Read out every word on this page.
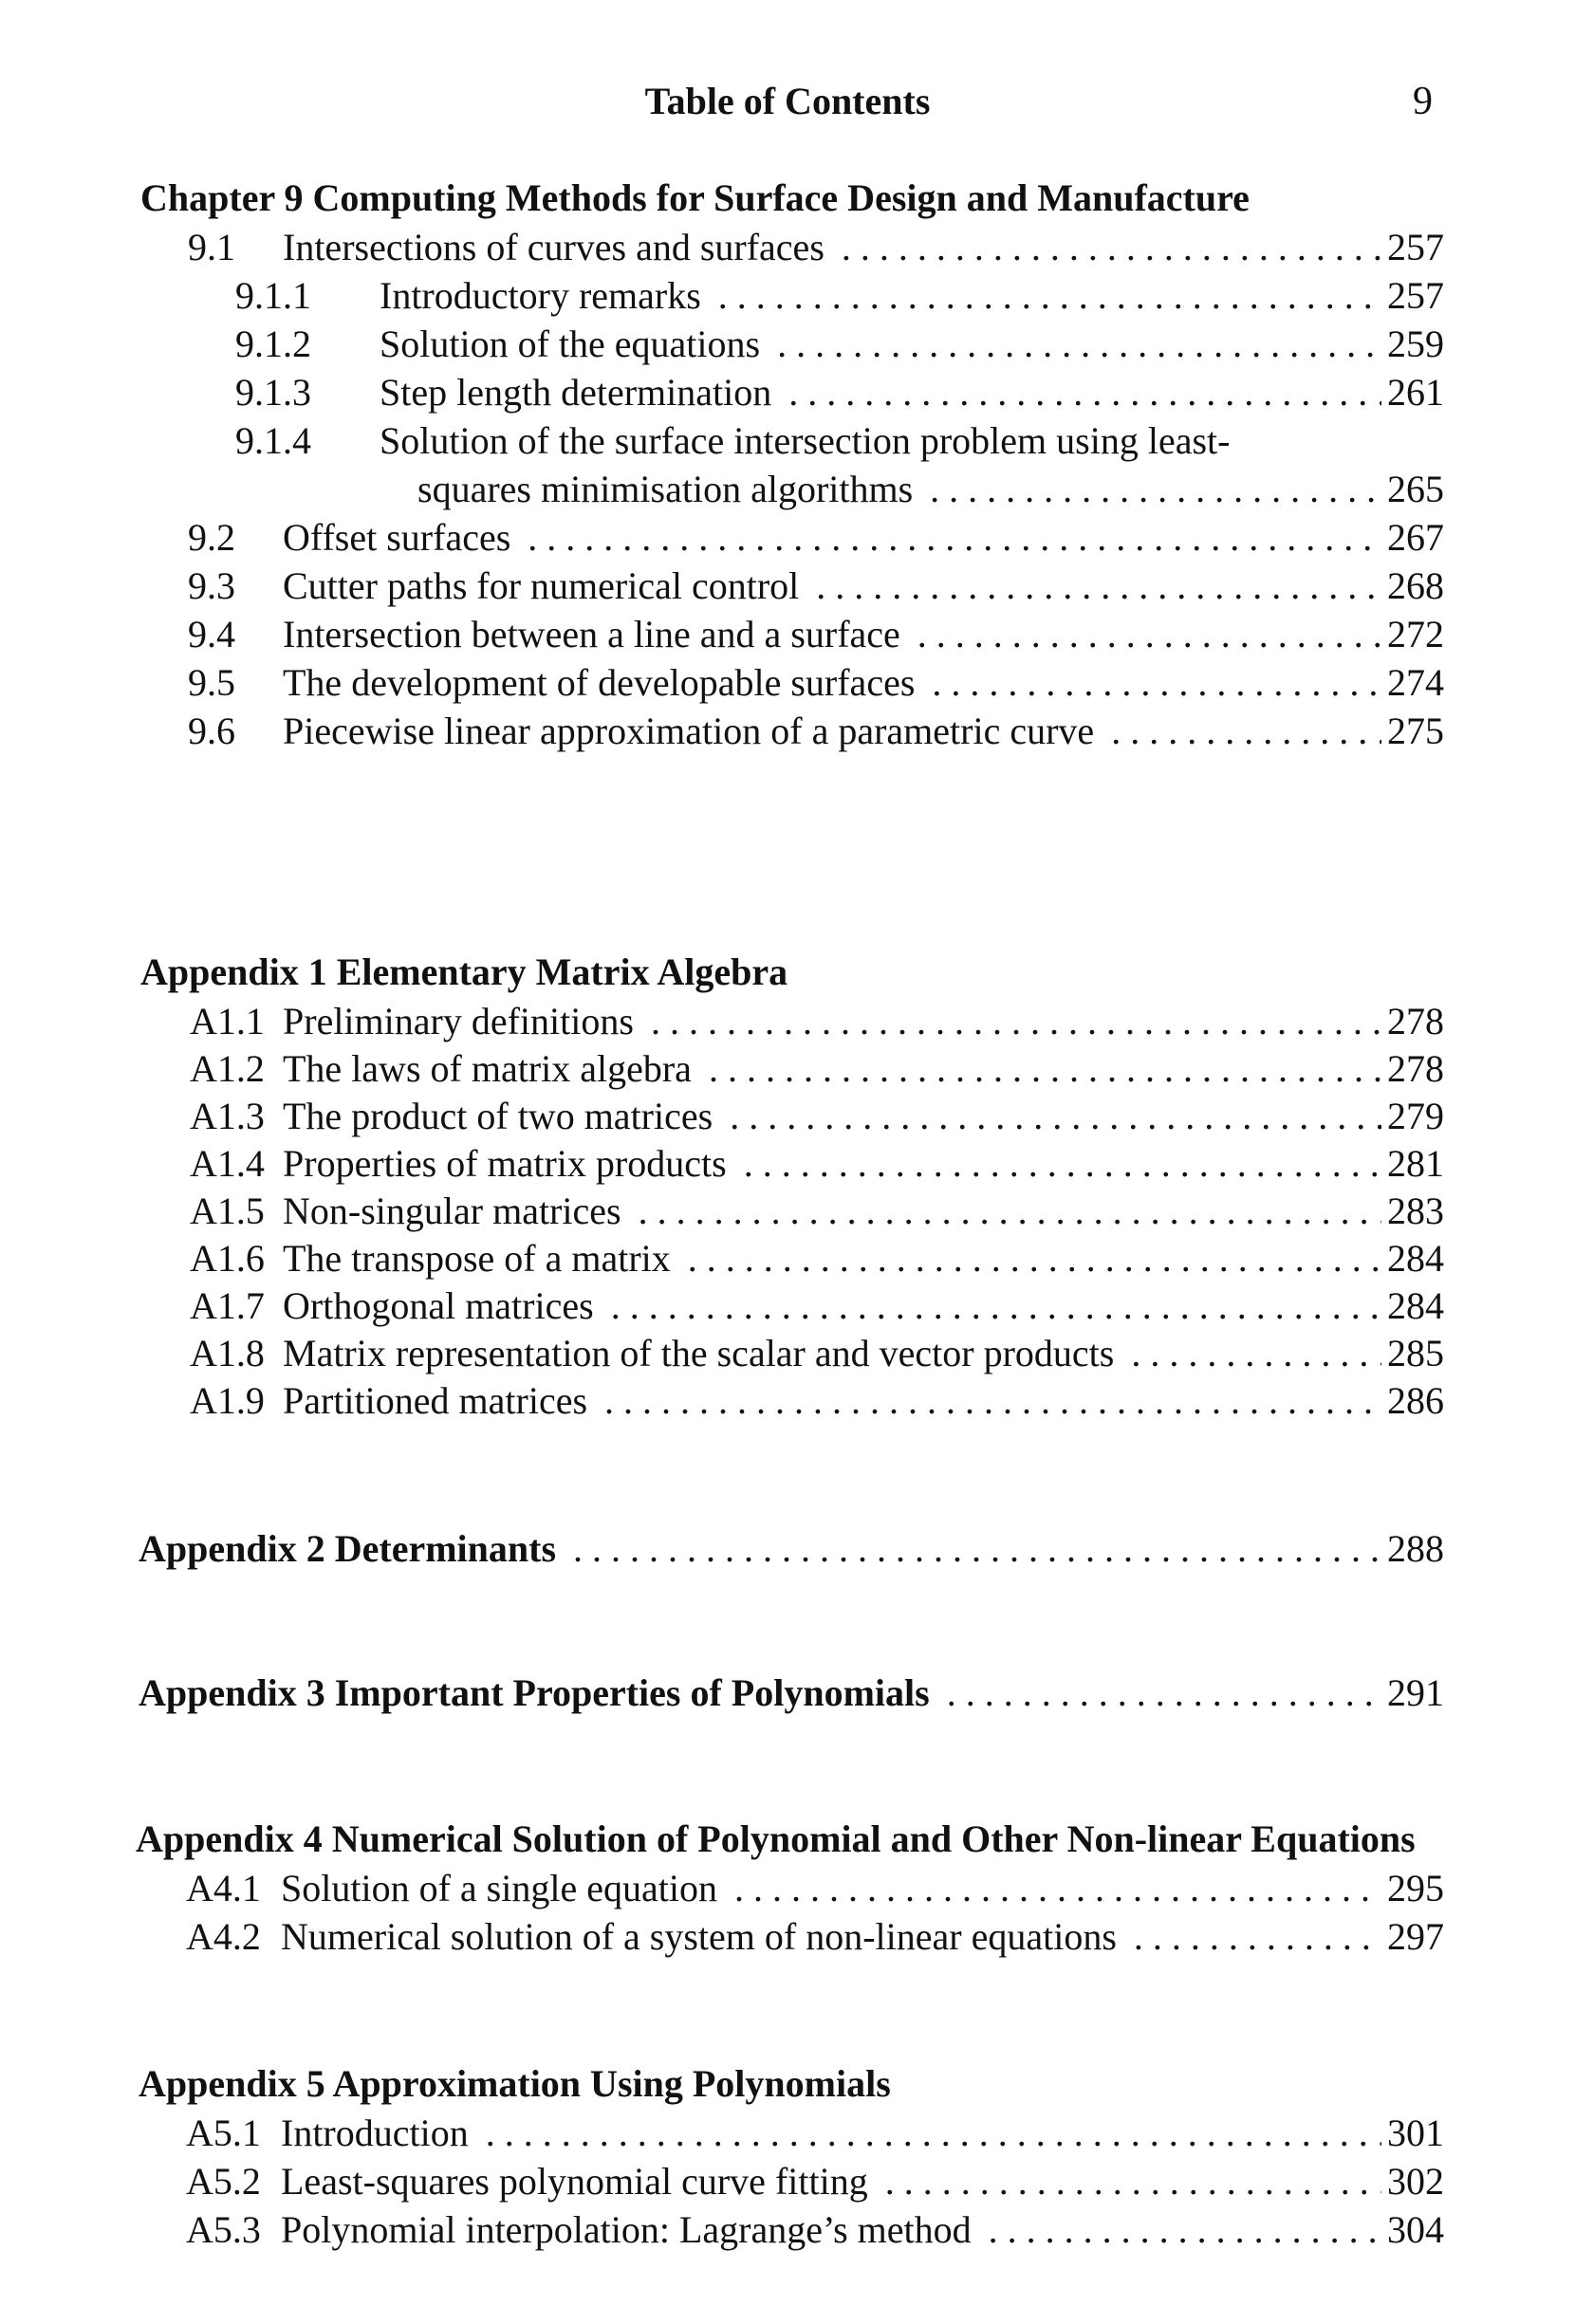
Table of Contents	9
Chapter 9 Computing Methods for Surface Design and Manufacture
9.1 Intersections of curves and surfaces . . .	257
9.1.1 Introductory remarks . . .	257
9.1.2 Solution of the equations . . .	259
9.1.3 Step length determination . . .	261
9.1.4 Solution of the surface intersection problem using least-
squares minimisation algorithms . . .	265
9.2 Offset surfaces . . .	267
9.3 Cutter paths for numerical control . . .	268
9.4 Intersection between a line and a surface . . .	272
9.5 The development of developable surfaces . . .	274
9.6 Piecewise linear approximation of a parametric curve . . .	275
Appendix 1 Elementary Matrix Algebra
A1.1 Preliminary definitions . . .	278
A1.2 The laws of matrix algebra . . .	278
A1.3 The product of two matrices . . .	279
A1.4 Properties of matrix products . . .	281
A1.5 Non-singular matrices . . .	283
A1.6 The transpose of a matrix . . .	284
A1.7 Orthogonal matrices . . .	284
A1.8 Matrix representation of the scalar and vector products . . .	285
A1.9 Partitioned matrices . . .	286
Appendix 2 Determinants . . .	288
Appendix 3 Important Properties of Polynomials . . .	291
Appendix 4 Numerical Solution of Polynomial and Other Non-linear Equations
A4.1 Solution of a single equation . . .	295
A4.2 Numerical solution of a system of non-linear equations . . .	297
Appendix 5 Approximation Using Polynomials
A5.1 Introduction . . .	301
A5.2 Least-squares polynomial curve fitting . . .	302
A5.3 Polynomial interpolation: Lagrange’s method . . .	304
